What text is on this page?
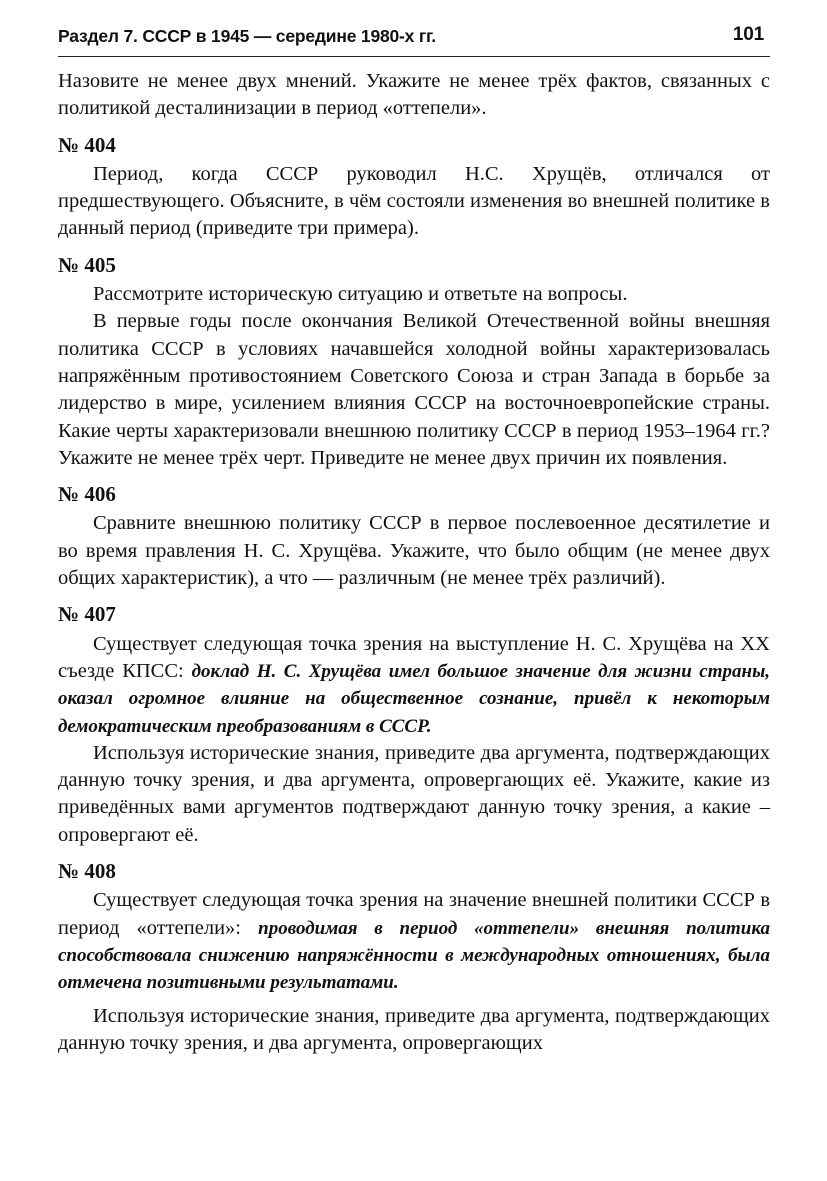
Раздел 7. СССР в 1945 — середине 1980-х гг.	101

Назовите не менее двух мнений. Укажите не менее трёх фактов, связанных с политикой десталинизации в период «оттепели».

№ 404

Период, когда СССР руководил Н.С. Хрущёв, отличался от предшествующего. Объясните, в чём состояли изменения во внешней политике в данный период (приведите три примера).

№ 405

Рассмотрите историческую ситуацию и ответьте на вопросы.

В первые годы после окончания Великой Отечественной войны внешняя политика СССР в условиях начавшейся холодной войны характеризовалась напряжённым противостоянием Советского Союза и стран Запада в борьбе за лидерство в мире, усилением влияния СССР на восточноевропейские страны. Какие черты характеризовали внешнюю политику СССР в период 1953–1964 гг.? Укажите не менее трёх черт. Приведите не менее двух причин их появления.

№ 406

Сравните внешнюю политику СССР в первое послевоенное десятилетие и во время правления Н. С. Хрущёва. Укажите, что было общим (не менее двух общих характеристик), а что — различным (не менее трёх различий).

№ 407

Существует следующая точка зрения на выступление Н. С. Хрущёва на XX съезде КПСС: доклад Н. С. Хрущёва имел большое значение для жизни страны, оказал огромное влияние на общественное сознание, привёл к некоторым демократическим преобразованиям в СССР.

Используя исторические знания, приведите два аргумента, подтверждающих данную точку зрения, и два аргумента, опровергающих её. Укажите, какие из приведённых вами аргументов подтверждают данную точку зрения, а какие – опровергают её.

№ 408

Существует следующая точка зрения на значение внешней политики СССР в период «оттепели»: проводимая в период «оттепели» внешняя политика способствовала снижению напряжённости в международных отношениях, была отмечена позитивными результатами.

Используя исторические знания, приведите два аргумента, подтверждающих данную точку зрения, и два аргумента, опровергающих
